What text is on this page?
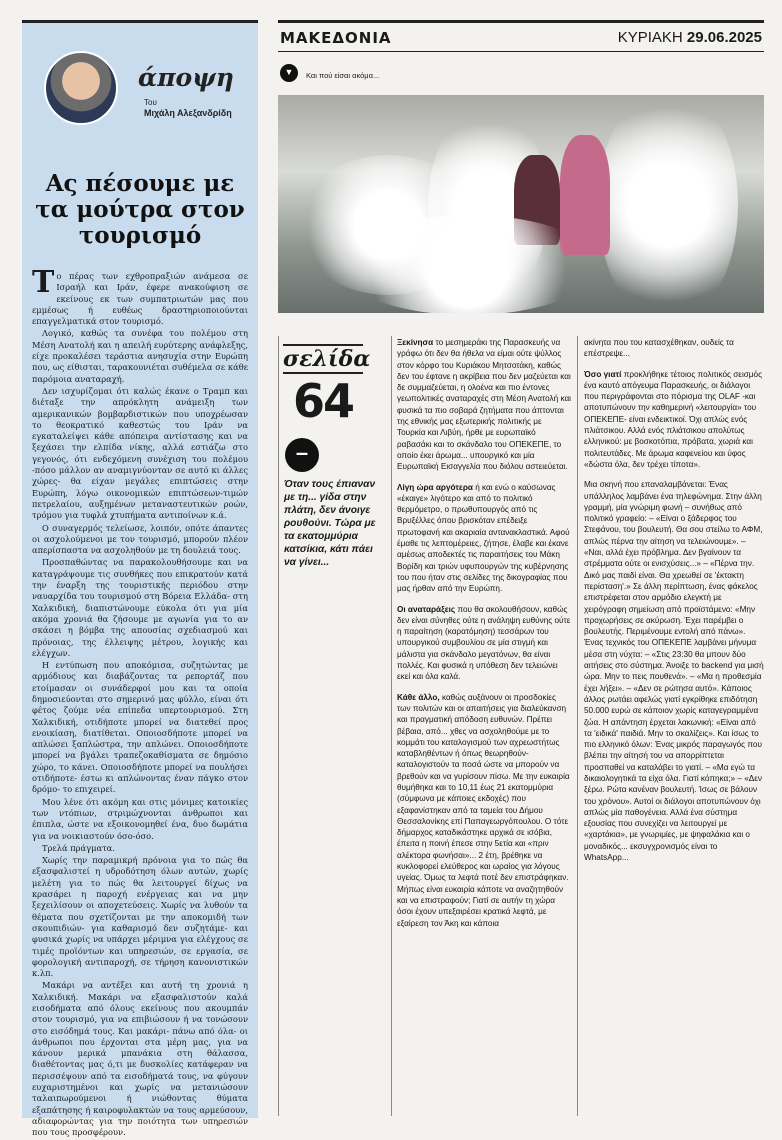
άποψη
Του
Μιχάλη Αλεξανδρίδη
Ας πέσουμε με τα μούτρα στον τουρισμό

Το πέρας των εχθροπραξιών ανάμεσα σε Ισραήλ και Ιράν, έφερε ανακούφιση σε εκείνους εκ των συμπατριωτών μας που εμμέσως ή ευθέως δραστηριοποιούνται επαγγελματικά στον τουρισμό.

Λογικό, καθώς τα συνέφα του πολέμου στη Μέση Ανατολή και η απειλή ευρύτερης ανάφλεξης, είχε προκαλέσει τεράστια ανησυχία στην Ευρώπη που, ως είθισται, ταρακουνιέται συθέμελα σε κάθε παρόμοια αναταραχή.

Δεν ισχυρίζομαι ότι καλώς έκανε ο Τραμπ και διέταξε την απρόκλητη ανάμειξη των αμερικανικών βομβαρδιστικών που υποχρέωσαν το θεοκρατικό καθεστώς του Ιράν να εγκαταλείψει κάθε απόπειρα αντίστασης και να ξεχάσει την ελπίδα νίκης, αλλά εστιάζω στο γεγονός, ότι ενδεχόμενη συνέχιση του πολέμου -πόσο μάλλον αν αναμιγνύονταν σε αυτό κι άλλες χώρες- θα είχαν μεγάλες επιπτώσεις στην Ευρώπη, λόγω οικονομικών επιπτώσεων-τιμών πετρελαίου, αυξημένων μεταναστευτικών ροών, τρόμου για τυφλά χτυπήματα αντιποίνων κ.ά.

Ο συναγερμός τελείωσε, λοιπόν, οπότε άπαντες οι ασχολούμενοι με τον τουρισμό, μπορούν πλέον απερίσπαστα να ασχοληθούν με τη δουλειά τους.

Προσπαθώντας να παρακολουθήσουμε και να καταγράψουμε τις συνθήκες που επικρατούν κατά την έναρξη της τουριστικής περιόδου στην ναυαρχίδα του τουρισμού στη Βόρεια Ελλάδα- στη Χαλκιδική, διαπιστώνουμε εύκολα ότι για μία ακόμα χρονιά θα ζήσουμε με αγωνία για το αν σκάσει η βόμβα της απουσίας σχεδιασμού και πρόνοιας, της έλλειψης μέτρου, λογικής και ελέγχων.

Η εντύπωση που αποκόμισα, συζητώντας με αρμόδιους και διαβάζοντας τα ρεπορτάζ που ετοίμασαν οι συνάδερφοί μου και τα οποία δημοσιεύονται στο σημερινό μας φύλλο, είναι ότι φέτος ζούμε νέα επίπεδα υπερτουρισμού. Στη Χαλκιδική, οτιδήποτε μπορεί να διατεθεί προς ενοικίαση, διατίθεται. Οποιοσδήποτε μπορεί να απλώσει ξαπλώστρα, την απλώνει. Οποιοσδήποτε μπορεί να βγάλει τραπεζοκαθίσματα σε δημόσιο χώρο, το κάνει. Οποιοσδήποτε μπορεί να πουλήσει οτιδήποτε- έστω κι απλώνοντας έναν πάγκο στον δρόμο- το επιχειρεί.

Μου λένε ότι ακόμη και στις μόνιμες κατοικίες των ντόπιων, στριμώχνονται άνθρωποι και έπιπλα, ώστε να εξοικονομηθεί ένα, δυο δωμάτια για να νοικιαστούν όσο-όσο.

Τρελά πράγματα.

Χωρίς την παραμικρή πρόνοια για το πώς θα εξασφαλιστεί η υδροδότηση όλων αυτών, χωρίς μελέτη για το πώς θα λειτουργεί δίχως να κρασάρει η παροχή ενέργειας και να μην ξεχειλίσουν οι αποχετεύσεις. Χωρίς να λυθούν τα θέματα που σχετίζονται με την αποκομιδή των σκουπιδιών- για καθαρισμό δεν συζητάμε- και φυσικά χωρίς να υπάρχει μέριμνα για ελέγχους σε τιμές προϊόντων και υπηρεσιών, σε εργασία, σε φορολογική αντιπαροχή, σε τήρηση κανονιστικών κ.λπ.

Μακάρι να αντέξει και αυτή τη χρονιά η Χαλκιδική. Μακάρι να εξασφαλιστούν καλά εισοδήματα από όλους εκείνους που ακουμπάν στον τουρισμό, για να επιβιώσουν ή να τονώσουν στο εισόδημά τους. Και μακάρι- πάνω από όλα- οι άνθρωποι που έρχονται στα μέρη μας, για να κάνουν μερικά μπανάκια στη θάλασσα, διαθέτοντας μας ό,τι με δυσκολίες κατάφεραν να περισσέψουν από τα εισοδήματά τους, να φύγουν ευχαριστημένοι και χωρίς να μετανιώσουν ταλαιπωρούμενοι ή νιώθοντας θύματα εξαπάτησης ή καιροφυλακτών να τους αρμεύσουν, αδιαφορώντας για την ποιότητα των υπηρεσιών που τους προσφέρουν.

ΜΑΚΕΔΟΝΙΑ	ΚΥΡΙΑΚΗ 29.06.2025
▼	Και πού είσαι ακόμα...
σελίδα
64
–
Όταν τους έπιαναν με τη... γίδα στην πλάτη, δεν άνοιγε ρουθούνι. Τώρα με τα εκατομμύρια κατσίκια, κάτι πάει να γίνει...

Ξεκίνησα το μεσημεράκι της Παρασκευής να γράφω ότι δεν θα ήθελα να είμαι ούτε ψύλλος στον κόρφο του Κυριάκου Μητσοτάκη, καθώς δεν του έφτανε η ακρίβεια που δεν μαζεύεται και δε συμμαζεύεται, η ολοένα και πιο έντονες γεωπολιτικές αναταραχές στη Μέση Ανατολή και φυσικά τα πιο σοβαρά ζητήματα που άπτονται της εθνικής μας εξωτερικής πολιτικής με Τουρκία και Λιβύη, ήρθε με ευρωπαϊκό ραβασάκι και το σκάνδαλο του ΟΠΕΚΕΠΕ, το οποίο έκει άρωμα... υπουργικό και μία Ευρωπαϊκή Εισαγγελία που διόλου αστειεύεται.

Λίγη ώρα αργότερα ή και ενώ ο καύσωνας «έκαιγε» λιγότερο και από το πολιτικό θερμόμετρο, ο πρωθυπουργός από τις Βρυξέλλες όπου βρισκόταν επέδειξε πρωτοφανή και ακαριαία αντανακλαστικά. Αφού έμαθε τις λεπτομέρειες, ζήτησε, έλαβε και έκανε αμέσως αποδεκτές τις παραιτήσεις του Μάκη Βορίδη και τριών υφυπουργών της κυβέρνησης του που ήταν στις σελίδες της δικογραφίας που μας ήρθαν από την Ευρώπη.

Οι αναταράξεις που θα ακολουθήσουν, καθώς δεν είναι σύνηθες ούτε η ανάληψη ευθύνης ούτε η παραίτηση (καρατόμηση) τεσσάρων του υπουργικού συμβουλίου σε μία στιγμή και μάλιστα για σκάνδαλο μεγατόνων, θα είναι πολλές. Και φυσικά η υπόθεση δεν τελειώνει εκεί και όλα καλά.

Κάθε άλλο, καθώς αυξάνουν οι προσδοκίες των πολιτών και οι απαιτήσεις για διαλεύκανση και πραγματική απόδοση ευθυνών. Πρέπει βέβαια, από... χθες να ασχοληθούμε με το κομμάτι του καταλογισμού των αχρεωστήτως καταβληθέντων ή όπως θεωρηθούν-καταλογιστούν τα ποσά ώστε να μπορούν να βρεθούν και να γυρίσουν πίσω. Με την ευκαιρία θυμήθηκα και το 10,11 έως 21 εκατομμύρια (σύμφωνα με κάποιες εκδοχές) που εξαφανίστηκαν από τα ταμεία του Δήμου Θεσσαλονίκης επί Παπαγεωργόπουλου. Ο τότε δήμαρχος καταδικάστηκε αρχικά σε ισόβια, έπειτα η ποινή έπεσε στην 5ετία και «πριν αλέκτορα φωνήσαι»... 2 έτη, βρέθηκε να κυκλοφορεί ελεύθερος και ωραίος για λόγους υγείας. Όμως τα λεφτά ποτέ δεν επιστράφηκαν. Μήπως είναι ευκαιρία κάποτε να αναζητηθούν και να επιστραφούν; Γιατί σε αυτήν τη χώρα όσοι έχουν υπεξαιρέσει κρατικά λεφτά, με εξαίρεση τον Άκη και κάποια

ακίνητα που του κατασχέθηκαν, ουδείς τα επέστρεψε...

Όσο γιατί προκλήθηκε τέτοιος πολιτικός σεισμός ένα καυτό απόγευμα Παρασκευής, οι διάλογοι που περιγράφονται στο πόρισμα της OLAF -και αποτυπώνουν την καθημερινή «λειτουργία» του ΟΠΕΚΕΠΕ- είναι ενδεικτικοί. Όχι απλώς ενός πλιάτσικου. Αλλά ενός πλιάτσικου απολύτως ελληνικού: με βοσκοτόπια, πρόβατα, χωριά και πολιτευτάδες. Με άρωμα καφενείου και ύφος «δώστα όλα, δεν τρέχει τίποτα».

Μια σκηνή που επαναλαμβάνεται: Ένας υπάλληλος λαμβάνει ένα τηλεφώνημα. Στην άλλη γραμμή, μία γνώριμη φωνή – συνήθως από πολιτικό γραφείο: – «Είναι ο ξάδερφος του Στεφάνου, του βουλευτή. Θα σου στείλω το ΑΦΜ, απλώς πέρνα την αίτηση να τελειώνουμε». – «Ναι, αλλά έχει πρόβλημα. Δεν βγαίνουν τα στρέμματα ούτε οι ενισχύσεις...» – «Πέρνα την. Δικό μας παιδί είναι. Θα χρεωθεί σε 'έκτακτη περίσταση'.» Σε άλλη περίπτωση, ένας φάκελος επιστρέφεται στον αρμόδιο ελεγκτή με χειρόγραφη σημείωση από προϊστάμενο: «Μην προχωρήσεις σε ακύρωση. Έχει παρέμβει ο βουλευτής. Περιμένουμε εντολή από πάνω». Ένας τεχνικός του ΟΠΕΚΕΠΕ λαμβάνει μήνυμα μέσα στη νύχτα: – «Στις 23:30 θα μπουν δύο αιτήσεις στο σύστημα. Άνοιξε το backend για μισή ώρα. Μην το πεις πουθενά». – «Μα η προθεσμία έχει λήξει». – «Δεν σε ρώτησα αυτό». Κάποιος άλλος ρωτάει αφελώς γιατί εγκρίθηκε επιδότηση 50.000 ευρώ σε κάποιον χωρίς καταγεγραμμένα ζώα. Η απάντηση έρχεται λακωνική: «Είναι από τα 'ειδικά' παιδιά. Μην το σκαλίζεις». Και ίσως το πιο ελληνικό όλων: Ένας μικρός παραγωγός που βλέπει την αίτησή του να απορρίπτεται προσπαθεί να καταλάβει το γιατί. – «Μα εγώ τα δικαιολογητικά τα είχα όλα. Γιατί κόπηκα;» – «Δεν ξέρω. Ρώτα κανέναν βουλευτή. Ίσως σε βάλουν του χρόνου». Αυτοί οι διάλογοι αποτυπώνουν όχι απλώς μία παθογένεια. Αλλά ένα σύστημα εξουσίας που συνεχίζει να λειτουργεί με «χαρτάκια», με γνωριμίες, με ψηφαλάκια και ο μοναδικός... εκσυγχρονισμός είναι το WhatsApp...
